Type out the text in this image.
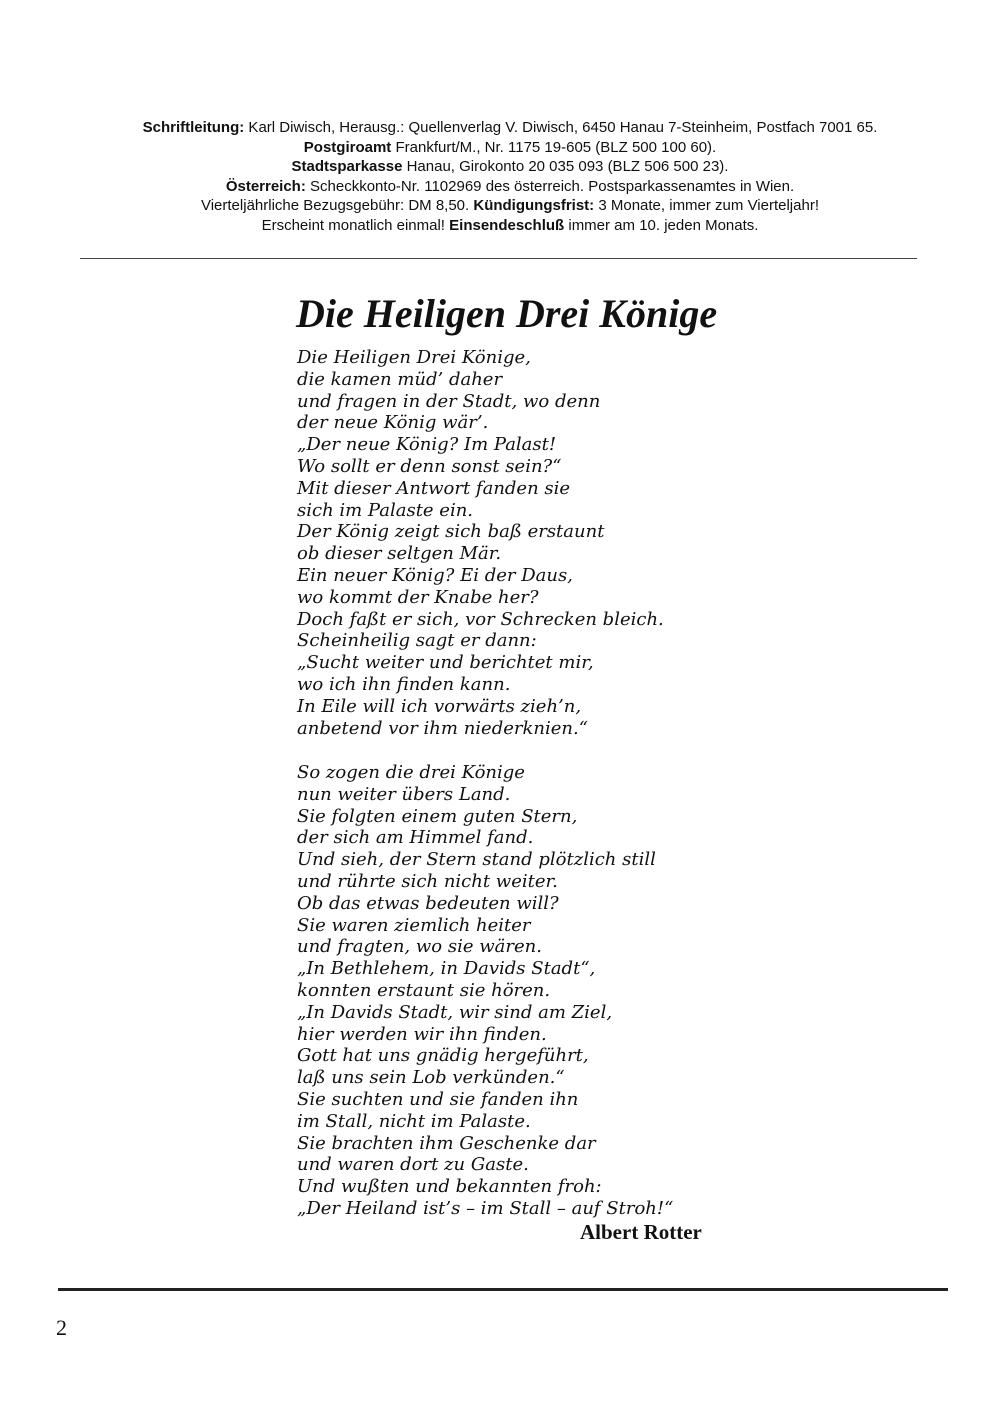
Schriftleitung: Karl Diwisch, Herausg.: Quellenverlag V. Diwisch, 6450 Hanau 7-Steinheim, Postfach 7001 65.
Postgiroamt Frankfurt/M., Nr. 1175 19-605 (BLZ 500 100 60).
Stadtsparkasse Hanau, Girokonto 20 035 093 (BLZ 506 500 23).
Österreich: Scheckkonto-Nr. 1102969 des österreich. Postsparkassenamtes in Wien.
Vierteljährliche Bezugsgebühr: DM 8,50. Kündigungsfrist: 3 Monate, immer zum Vierteljahr!
Erscheint monatlich einmal! Einsendeschluß immer am 10. jeden Monats.
Die Heiligen Drei Könige
Die Heiligen Drei Könige,
die kamen müd’ daher
und fragen in der Stadt, wo denn
der neue König wär’.
„Der neue König? Im Palast!
Wo sollt er denn sonst sein?“
Mit dieser Antwort fanden sie
sich im Palaste ein.
Der König zeigt sich baß erstaunt
ob dieser seltgen Mär.
Ein neuer König? Ei der Daus,
wo kommt der Knabe her?
Doch faßt er sich, vor Schrecken bleich.
Scheinheilig sagt er dann:
„Sucht weiter und berichtet mir,
wo ich ihn finden kann.
In Eile will ich vorwärts zieh’n,
anbetend vor ihm niederknien.“
So zogen die drei Könige
nun weiter übers Land.
Sie folgten einem guten Stern,
der sich am Himmel fand.
Und sieh, der Stern stand plötzlich still
und rührte sich nicht weiter.
Ob das etwas bedeuten will?
Sie waren ziemlich heiter
und fragten, wo sie wären.
„In Bethlehem, in Davids Stadt“,
konnten erstaunt sie hören.
„In Davids Stadt, wir sind am Ziel,
hier werden wir ihn finden.
Gott hat uns gnädig hergeführt,
laß uns sein Lob verkünden.“
Sie suchten und sie fanden ihn
im Stall, nicht im Palaste.
Sie brachten ihm Geschenke dar
und waren dort zu Gaste.
Und wußten und bekannten froh:
„Der Heiland ist’s – im Stall – auf Stroh!“

Albert Rotter

2
